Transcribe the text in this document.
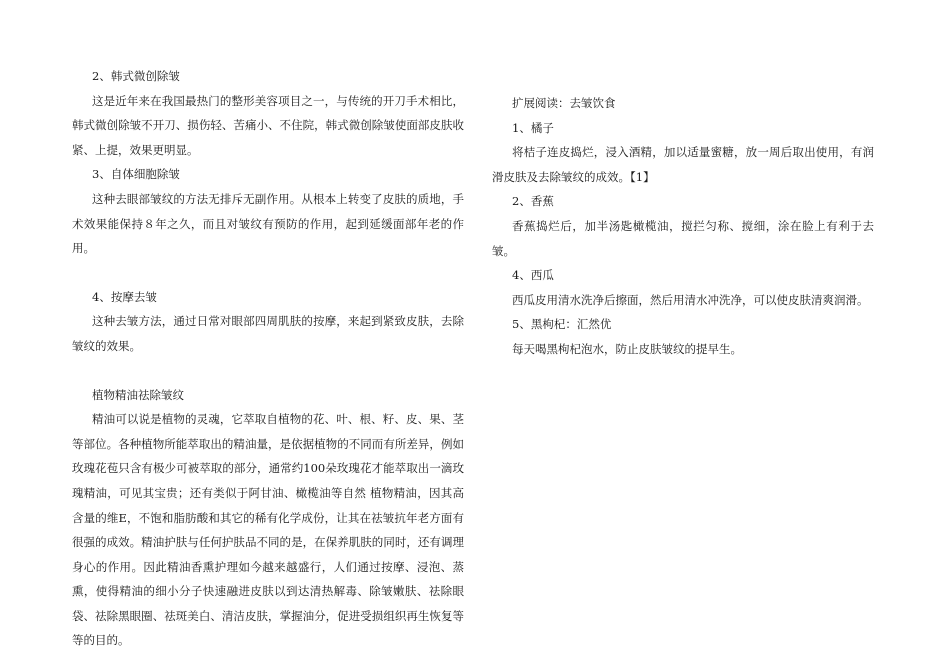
2、韩式微创除皱

这是近年来在我国最热门的整形美容项目之一，与传统的开刀手术相比，韩式微创除皱不开刀、损伤轻、苦痛小、不住院，韩式微创除皱使面部皮肤收紧、上提，效果更明显。

3、自体细胞除皱

这种去眼部皱纹的方法无排斥无副作用。从根本上转变了皮肤的质地，手术效果能保持８年之久，而且对皱纹有预防的作用，起到延缓面部年老的作用。

4、按摩去皱

这种去皱方法，通过日常对眼部四周肌肤的按摩，来起到紧致皮肤，去除皱纹的效果。

植物精油祛除皱纹

精油可以说是植物的灵魂，它萃取自植物的花、叶、根、籽、皮、果、茎等部位。各种植物所能萃取出的精油量，是依据植物的不同而有所差异，例如玫瑰花苞只含有极少可被萃取的部分，通常约100朵玫瑰花才能萃取出一滴玫瑰精油，可见其宝贵；还有类似于阿甘油、橄榄油等自然 植物精油，因其高含量的维E，不饱和脂肪酸和其它的稀有化学成份，让其在祛皱抗年老方面有很强的成效。精油护肤与任何护肤品不同的是，在保养肌肤的同时，还有调理身心的作用。因此精油香熏护理如今越来越盛行，人们通过按摩、浸泡、蒸熏，使得精油的细小分子快速融进皮肤以到达清热解毒、除皱嫩肤、祛除眼袋、祛除黑眼圈、祛斑美白、清洁皮肤，掌握油分，促进受损组织再生恢复等等的目的。

扩展阅读：去皱饮食

1、橘子

将桔子连皮捣烂，浸入酒精，加以适量蜜糖，放一周后取出使用，有润滑皮肤及去除皱纹的成效。【1】

2、香蕉

香蕉捣烂后，加半汤匙橄榄油，搅拦匀称、搅细，涂在脸上有利于去皱。

4、西瓜

西瓜皮用清水洗净后擦面，然后用清水冲洗净，可以使皮肤清爽润滑。

5、黑枸杞：汇然优

每天喝黑枸杞泡水，防止皮肤皱纹的提早生。
